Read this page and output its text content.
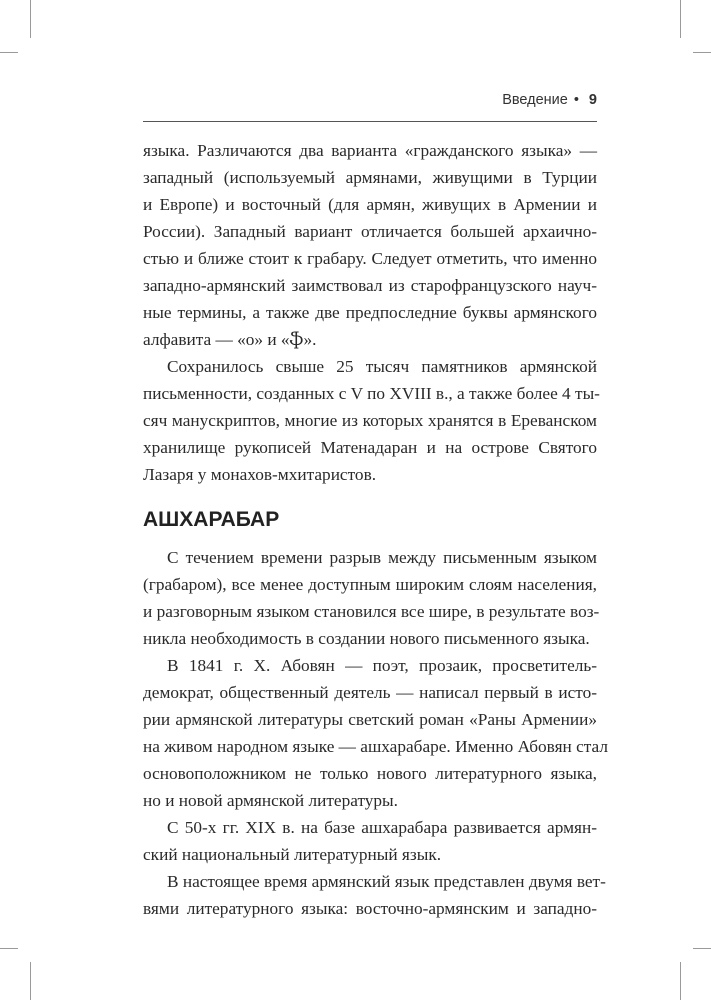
Введение • 9
языка. Различаются два варианта «гражданского языка» —
западный (используемый армянами, живущими в Турции
и Европе) и восточный (для армян, живущих в Армении и
России). Западный вариант отличается большей архаично-
стью и ближе стоит к грабару. Следует отметить, что именно
западно-армянский заимствовал из старофранцузского науч-
ные термины, а также две предпоследние буквы армянского
алфавита — «о» и «ֆ».
Сохранилось свыше 25 тысяч памятников армянской
письменности, созданных с V по XVIII в., а также более 4 ты-
сяч манускриптов, многие из которых хранятся в Ереванском
хранилище рукописей Матенадаран и на острове Святого
Лазаря у монахов-мхитаристов.
АШХАРАБАР
С течением времени разрыв между письменным языком
(грабаром), все менее доступным широким слоям населения,
и разговорным языком становился все шире, в результате воз-
никла необходимость в создании нового письменного языка.
В 1841 г. Х. Абовян — поэт, прозаик, просветитель-
демократ, общественный деятель — написал первый в исто-
рии армянской литературы светский роман «Раны Армении»
на живом народном языке — ашхарабаре. Именно Абовян стал
основоположником не только нового литературного языка,
но и новой армянской литературы.
С 50-х гг. XIX в. на базе ашхарабара развивается армян-
ский национальный литературный язык.
В настоящее время армянский язык представлен двумя вет-
вями литературного языка: восточно-армянским и западно-
